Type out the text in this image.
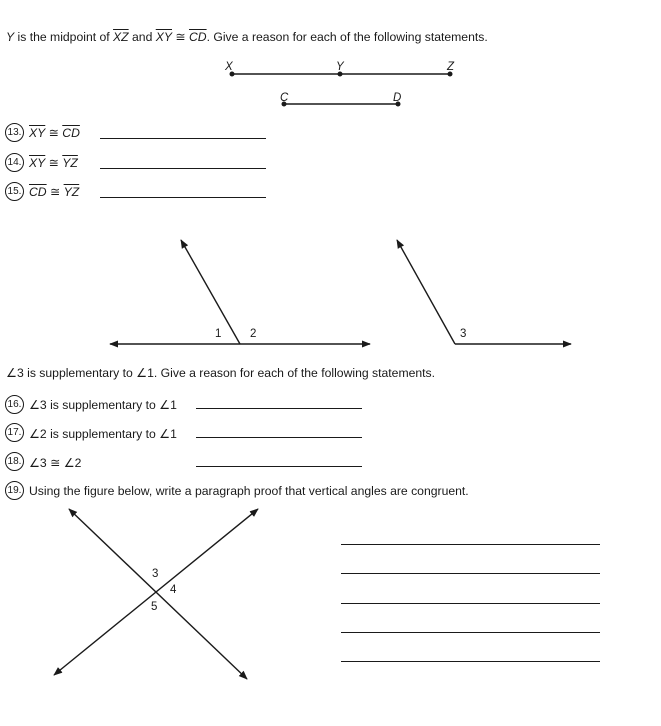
Y is the midpoint of $\overline{XZ}$ and $\overline{XY}$ ≅ $\overline{CD}$. Give a reason for each of the following statements.
X	Y	Z
C	D
13. $\overline{XY}$ ≅ $\overline{CD}$
14. $\overline{XY}$ ≅ $\overline{YZ}$
15. $\overline{CD}$ ≅ $\overline{YZ}$
1 2	3
∠3 is supplementary to ∠1. Give a reason for each of the following statements.
16. ∠3 is supplementary to ∠1
17. ∠2 is supplementary to ∠1
18. ∠3 ≅ ∠2
19. Using the figure below, write a paragraph proof that vertical angles are congruent.
3
4
5
